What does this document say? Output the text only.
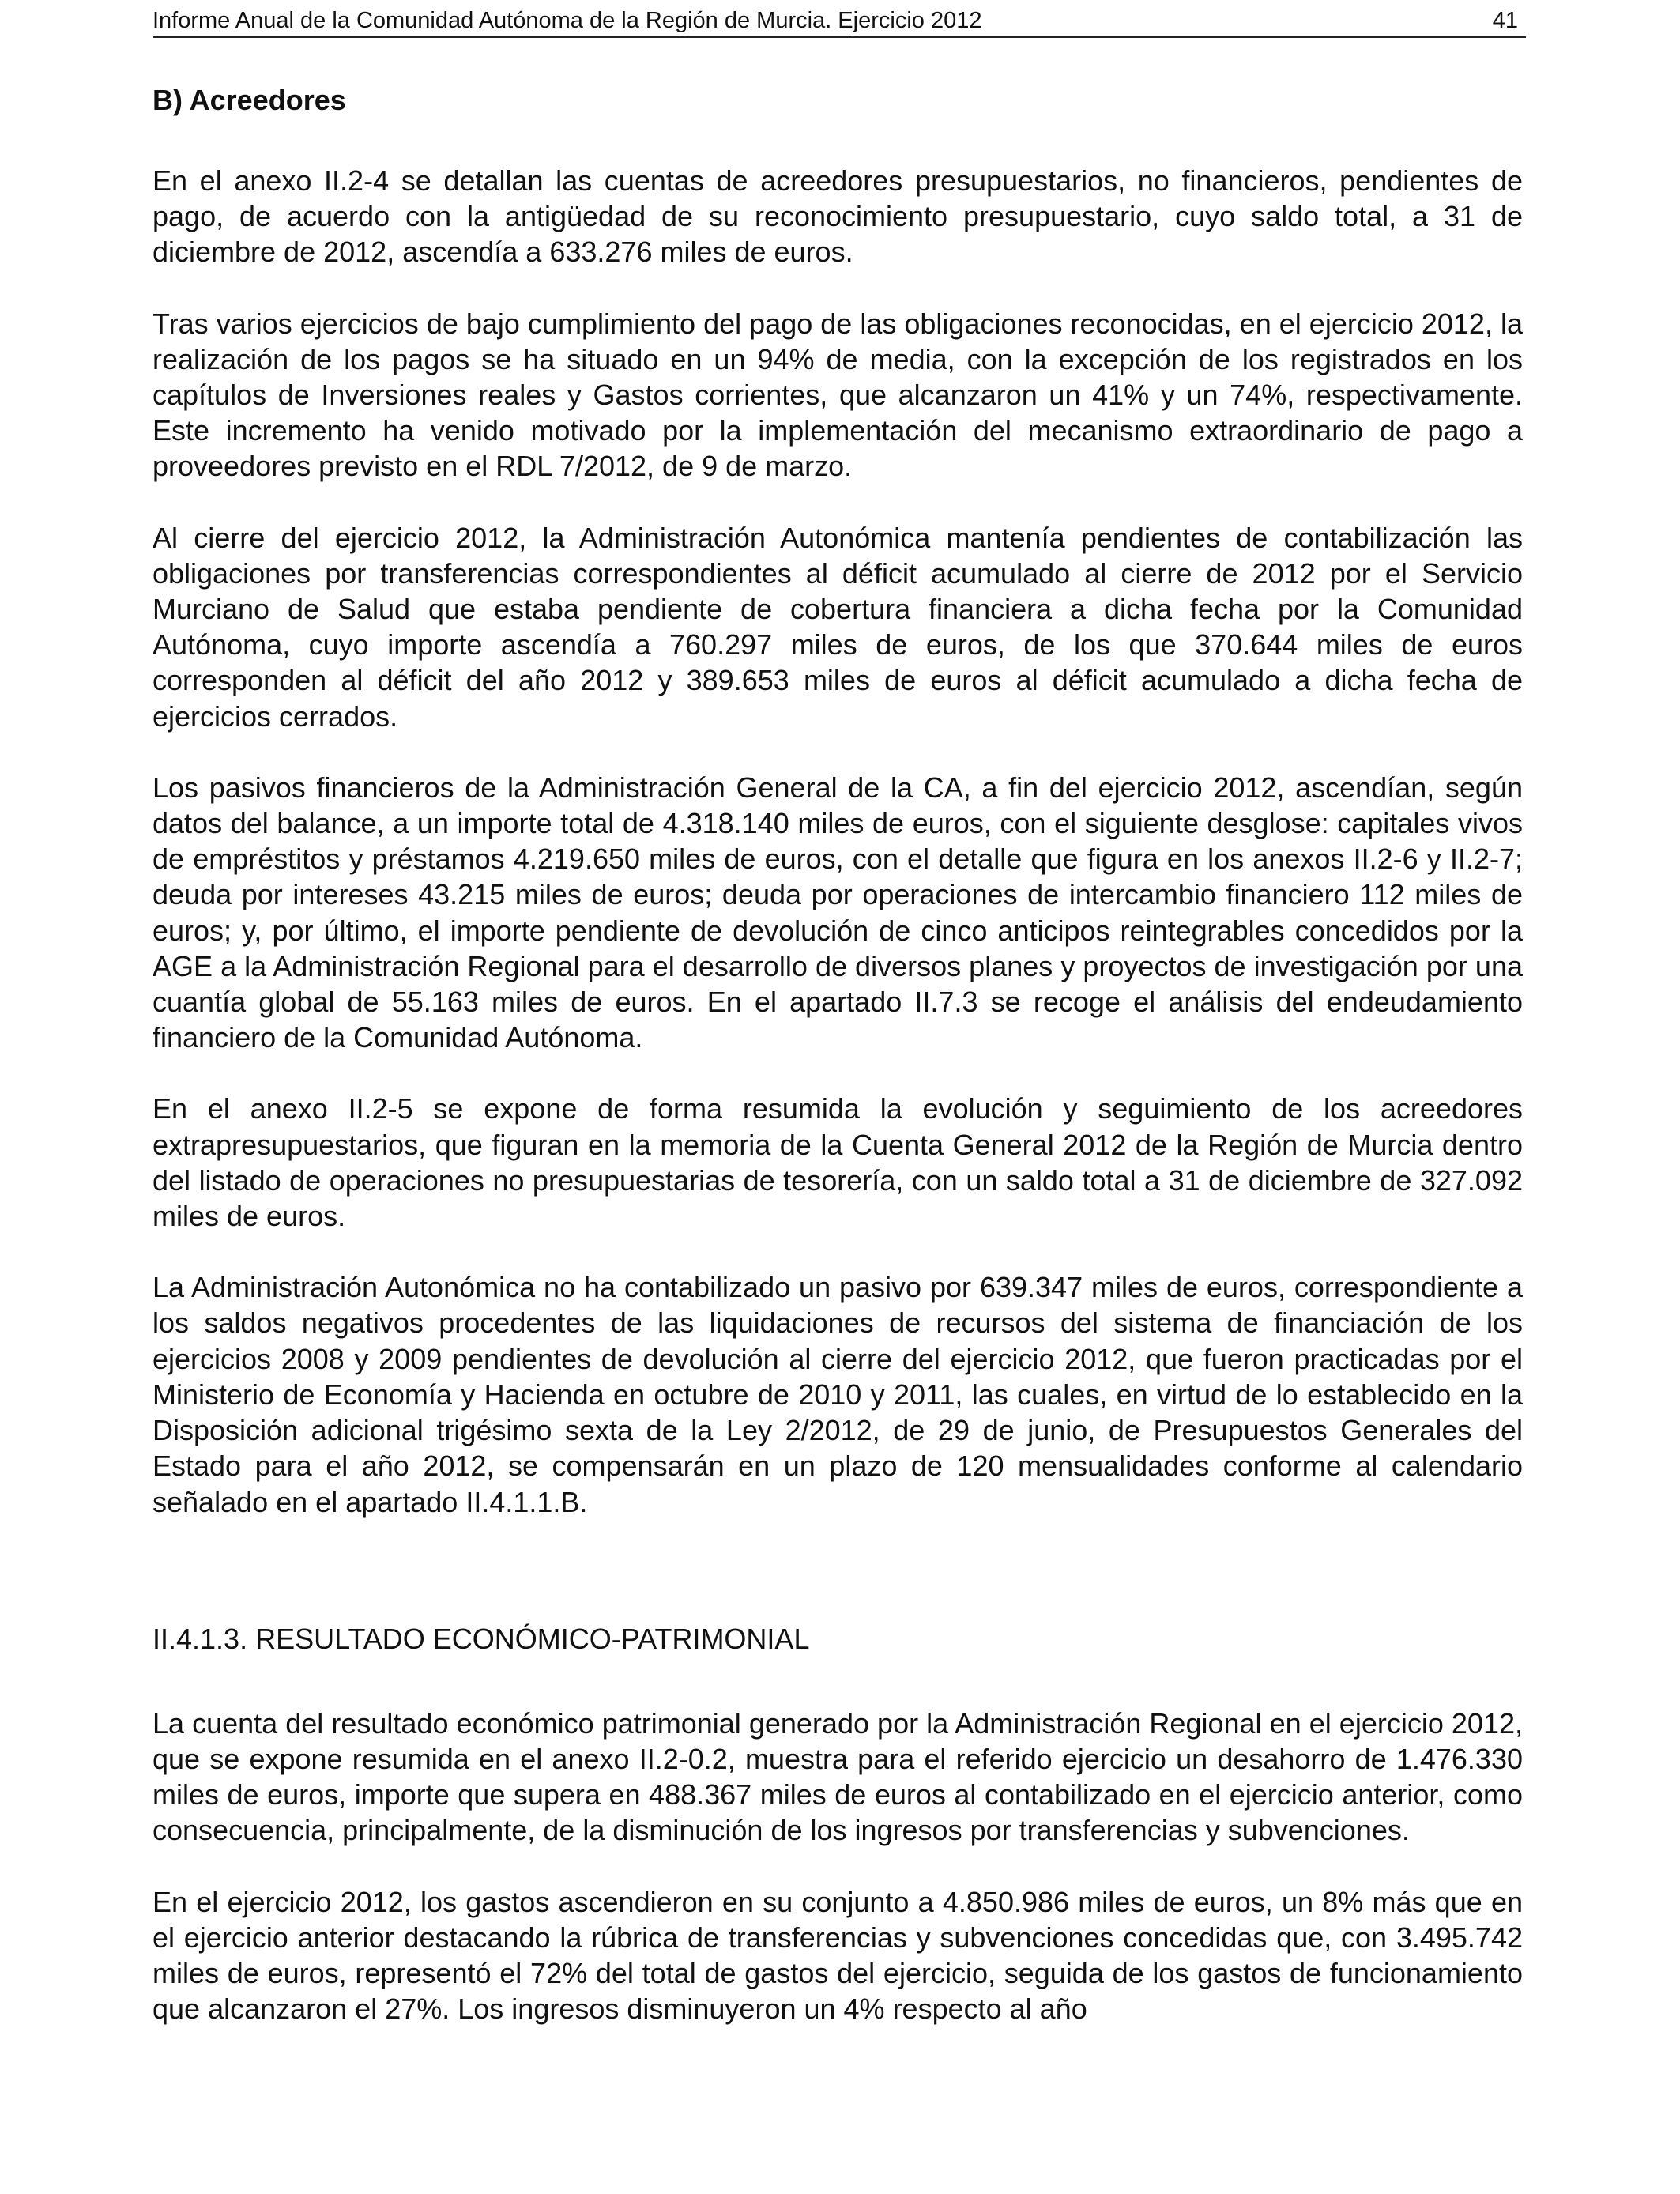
Informe Anual de la Comunidad Autónoma de la Región de Murcia. Ejercicio 2012	41
B) Acreedores

En el anexo II.2-4 se detallan las cuentas de acreedores presupuestarios, no financieros, pendientes de pago, de acuerdo con la antigüedad de su reconocimiento presupuestario, cuyo saldo total, a 31 de diciembre de 2012, ascendía a 633.276 miles de euros.

Tras varios ejercicios de bajo cumplimiento del pago de las obligaciones reconocidas, en el ejercicio 2012, la realización de los pagos se ha situado en un 94% de media, con la excepción de los registrados en los capítulos de Inversiones reales y Gastos corrientes, que alcanzaron un 41% y un 74%, respectivamente. Este incremento ha venido motivado por la implementación del mecanismo extraordinario de pago a proveedores previsto en el RDL 7/2012, de 9 de marzo.

Al cierre del ejercicio 2012, la Administración Autonómica mantenía pendientes de contabilización las obligaciones por transferencias correspondientes al déficit acumulado al cierre de 2012 por el Servicio Murciano de Salud que estaba pendiente de cobertura financiera a dicha fecha por la Comunidad Autónoma, cuyo importe ascendía a 760.297 miles de euros, de los que 370.644 miles de euros corresponden al déficit del año 2012 y 389.653 miles de euros al déficit acumulado a dicha fecha de ejercicios cerrados.

Los pasivos financieros de la Administración General de la CA, a fin del ejercicio 2012, ascendían, según datos del balance, a un importe total de 4.318.140 miles de euros, con el siguiente desglose: capitales vivos de empréstitos y préstamos 4.219.650 miles de euros, con el detalle que figura en los anexos II.2-6 y II.2-7; deuda por intereses 43.215 miles de euros; deuda por operaciones de intercambio financiero 112 miles de euros; y, por último, el importe pendiente de devolución de cinco anticipos reintegrables concedidos por la AGE a la Administración Regional para el desarrollo de diversos planes y proyectos de investigación por una cuantía global de 55.163 miles de euros. En el apartado II.7.3 se recoge el análisis del endeudamiento financiero de la Comunidad Autónoma.

En el anexo II.2-5 se expone de forma resumida la evolución y seguimiento de los acreedores extrapresupuestarios, que figuran en la memoria de la Cuenta General 2012 de la Región de Murcia dentro del listado de operaciones no presupuestarias de tesorería, con un saldo total a 31 de diciembre de 327.092 miles de euros.

La Administración Autonómica no ha contabilizado un pasivo por 639.347 miles de euros, correspondiente a los saldos negativos procedentes de las liquidaciones de recursos del sistema de financiación de los ejercicios 2008 y 2009 pendientes de devolución al cierre del ejercicio 2012, que fueron practicadas por el Ministerio de Economía y Hacienda en octubre de 2010 y 2011, las cuales, en virtud de lo establecido en la Disposición adicional trigésimo sexta de la Ley 2/2012, de 29 de junio, de Presupuestos Generales del Estado para el año 2012, se compensarán en un plazo de 120 mensualidades conforme al calendario señalado en el apartado II.4.1.1.B.

II.4.1.3. RESULTADO ECONÓMICO-PATRIMONIAL

La cuenta del resultado económico patrimonial generado por la Administración Regional en el ejercicio 2012, que se expone resumida en el anexo II.2-0.2, muestra para el referido ejercicio un desahorro de 1.476.330 miles de euros, importe que supera en 488.367 miles de euros al contabilizado en el ejercicio anterior, como consecuencia, principalmente, de la disminución de los ingresos por transferencias y subvenciones.

En el ejercicio 2012, los gastos ascendieron en su conjunto a 4.850.986 miles de euros, un 8% más que en el ejercicio anterior destacando la rúbrica de transferencias y subvenciones concedidas que, con 3.495.742 miles de euros, representó el 72% del total de gastos del ejercicio, seguida de los gastos de funcionamiento que alcanzaron el 27%. Los ingresos disminuyeron un 4% respecto al año
